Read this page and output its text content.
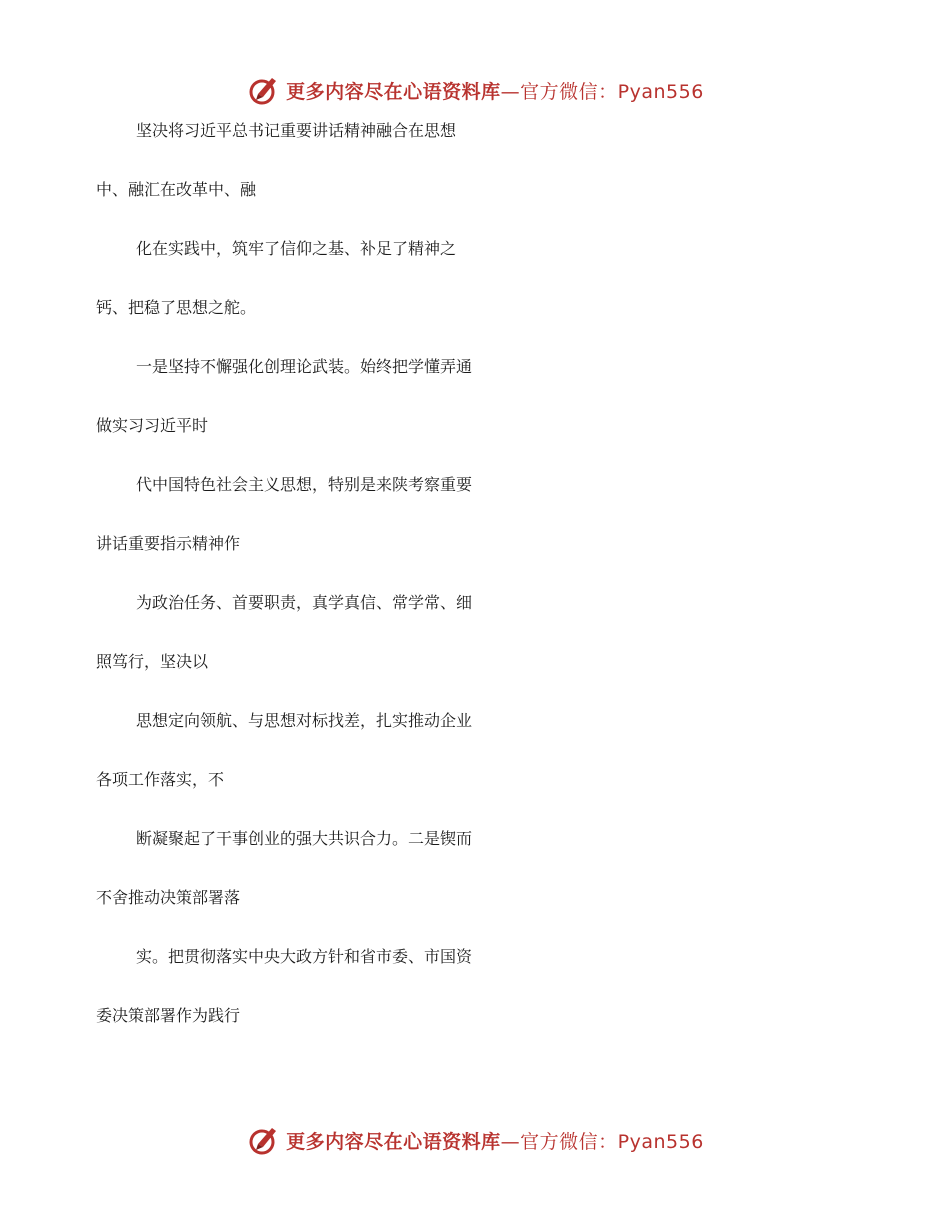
更多内容尽在心语资料库—官方微信：Pyan556
坚决将习近平总书记重要讲话精神融合在思想
中、融汇在改革中、融
化在实践中，筑牢了信仰之基、补足了精神之
钙、把稳了思想之舵。
一是坚持不懈强化创理论武装。始终把学懂弄通
做实习习近平时
代中国特色社会主义思想，特别是来陕考察重要
讲话重要指示精神作
为政治任务、首要职责，真学真信、常学常、细
照笃行，坚决以
思想定向领航、与思想对标找差，扎实推动企业
各项工作落实，不
断凝聚起了干事创业的强大共识合力。二是锲而
不舍推动决策部署落
实。把贯彻落实中央大政方针和省市委、市国资
委决策部署作为践行
更多内容尽在心语资料库—官方微信：Pyan556
